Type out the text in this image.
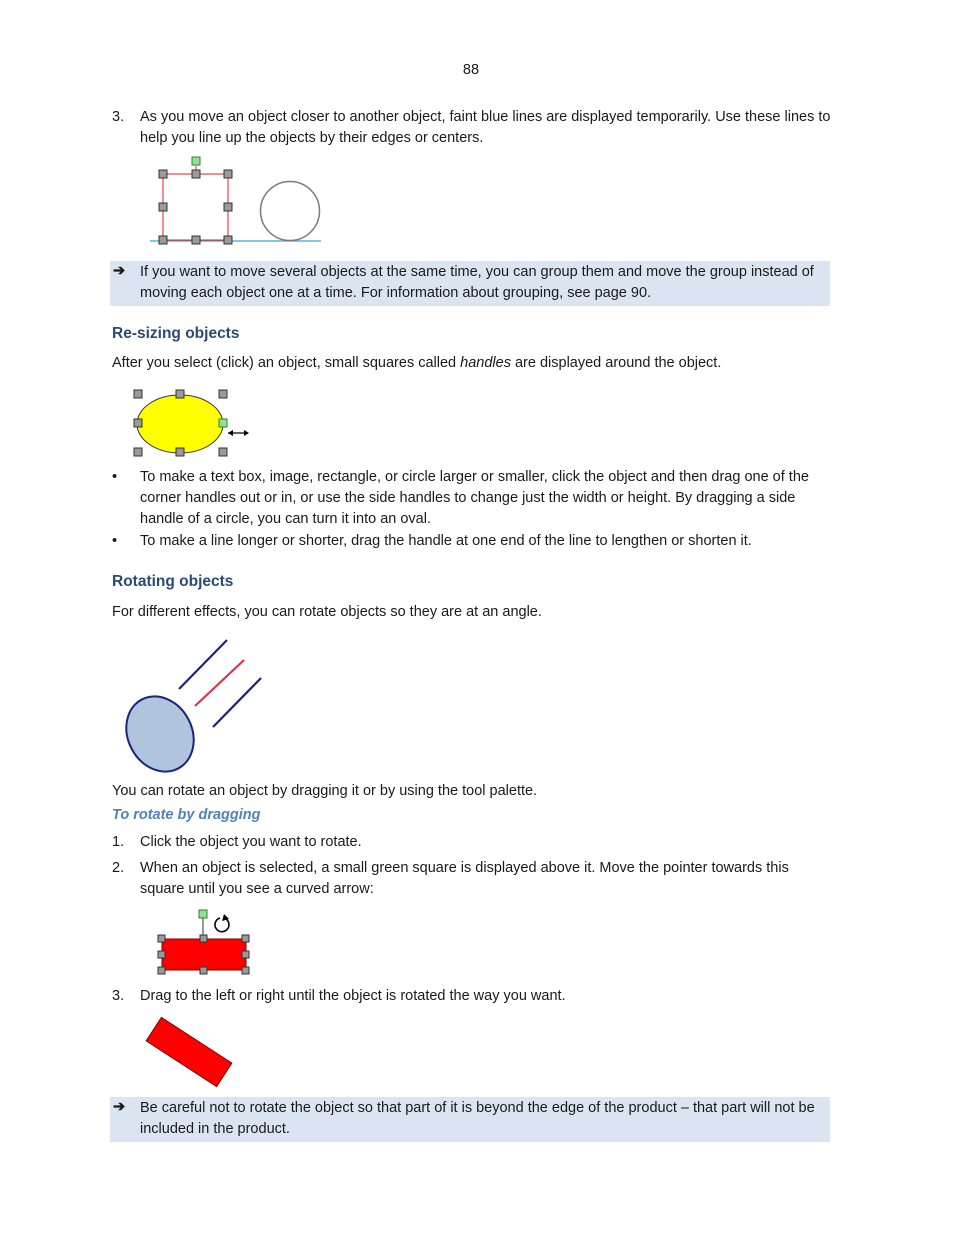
88
3. As you move an object closer to another object, faint blue lines are displayed temporarily. Use these lines to help you line up the objects by their edges or centers.
➔ If you want to move several objects at the same time, you can group them and move the group instead of moving each object one at a time. For information about grouping, see page 90.
Re-sizing objects
After you select (click) an object, small squares called handles are displayed around the object.
• To make a text box, image, rectangle, or circle larger or smaller, click the object and then drag one of the corner handles out or in, or use the side handles to change just the width or height. By dragging a side handle of a circle, you can turn it into an oval.
• To make a line longer or shorter, drag the handle at one end of the line to lengthen or shorten it.
Rotating objects
For different effects, you can rotate objects so they are at an angle.
You can rotate an object by dragging it or by using the tool palette.
To rotate by dragging
1. Click the object you want to rotate.
2. When an object is selected, a small green square is displayed above it. Move the pointer towards this square until you see a curved arrow:
3. Drag to the left or right until the object is rotated the way you want.
➔ Be careful not to rotate the object so that part of it is beyond the edge of the product – that part will not be included in the product.
